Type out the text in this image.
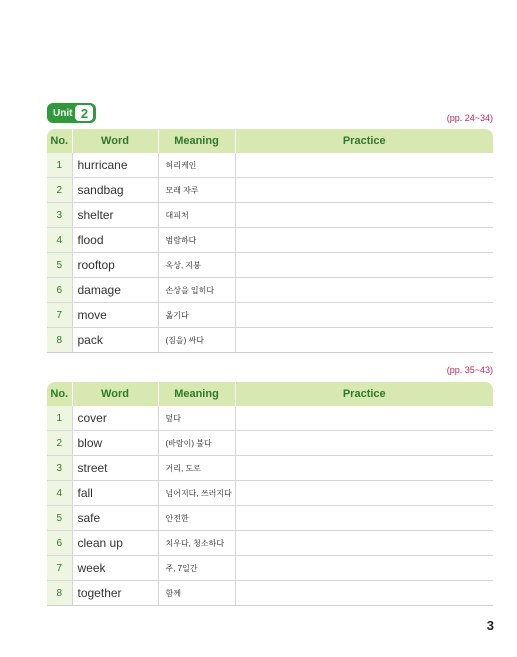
Unit 2	(pp. 24~34)
No.	Word	Meaning	Practice
1	hurricane	허리케인	
2	sandbag	모래 자루	
3	shelter	대피처	
4	flood	범람하다	
5	rooftop	옥상, 지붕	
6	damage	손상을 입히다	
7	move	옮기다	
8	pack	(짐을) 싸다	
(pp. 35~43)
No.	Word	Meaning	Practice
1	cover	덮다	
2	blow	(바람이) 불다	
3	street	거리, 도로	
4	fall	넘어지다, 쓰러지다	
5	safe	안전한	
6	clean up	치우다, 청소하다	
7	week	주, 7일간	
8	together	함께	
3
